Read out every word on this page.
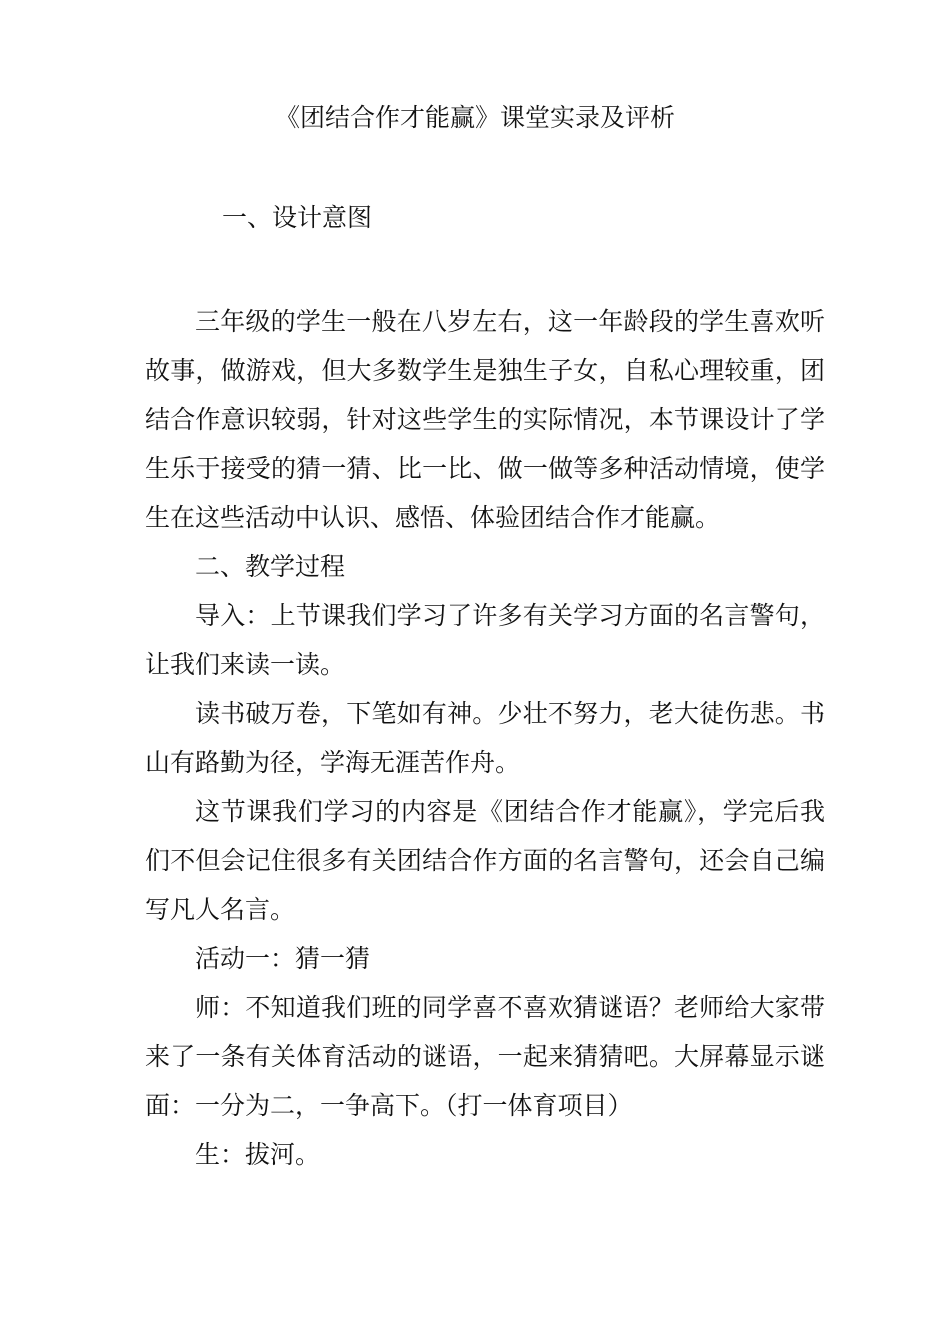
《团结合作才能赢》课堂实录及评析
一、设计意图

三年级的学生一般在八岁左右，这一年龄段的学生喜欢听故事，做游戏，但大多数学生是独生子女，自私心理较重，团结合作意识较弱，针对这些学生的实际情况，本节课设计了学生乐于接受的猜一猜、比一比、做一做等多种活动情境，使学生在这些活动中认识、感悟、体验团结合作才能赢。

二、教学过程

导入：上节课我们学习了许多有关学习方面的名言警句，让我们来读一读。

读书破万卷，下笔如有神。少壮不努力，老大徒伤悲。书山有路勤为径，学海无涯苦作舟。

这节课我们学习的内容是《团结合作才能赢》，学完后我们不但会记住很多有关团结合作方面的名言警句，还会自己编写凡人名言。

活动一：猜一猜

师：不知道我们班的同学喜不喜欢猜谜语？老师给大家带来了一条有关体育活动的谜语，一起来猜猜吧。大屏幕显示谜面：一分为二，一争高下。（打一体育项目）

生：拔河。
